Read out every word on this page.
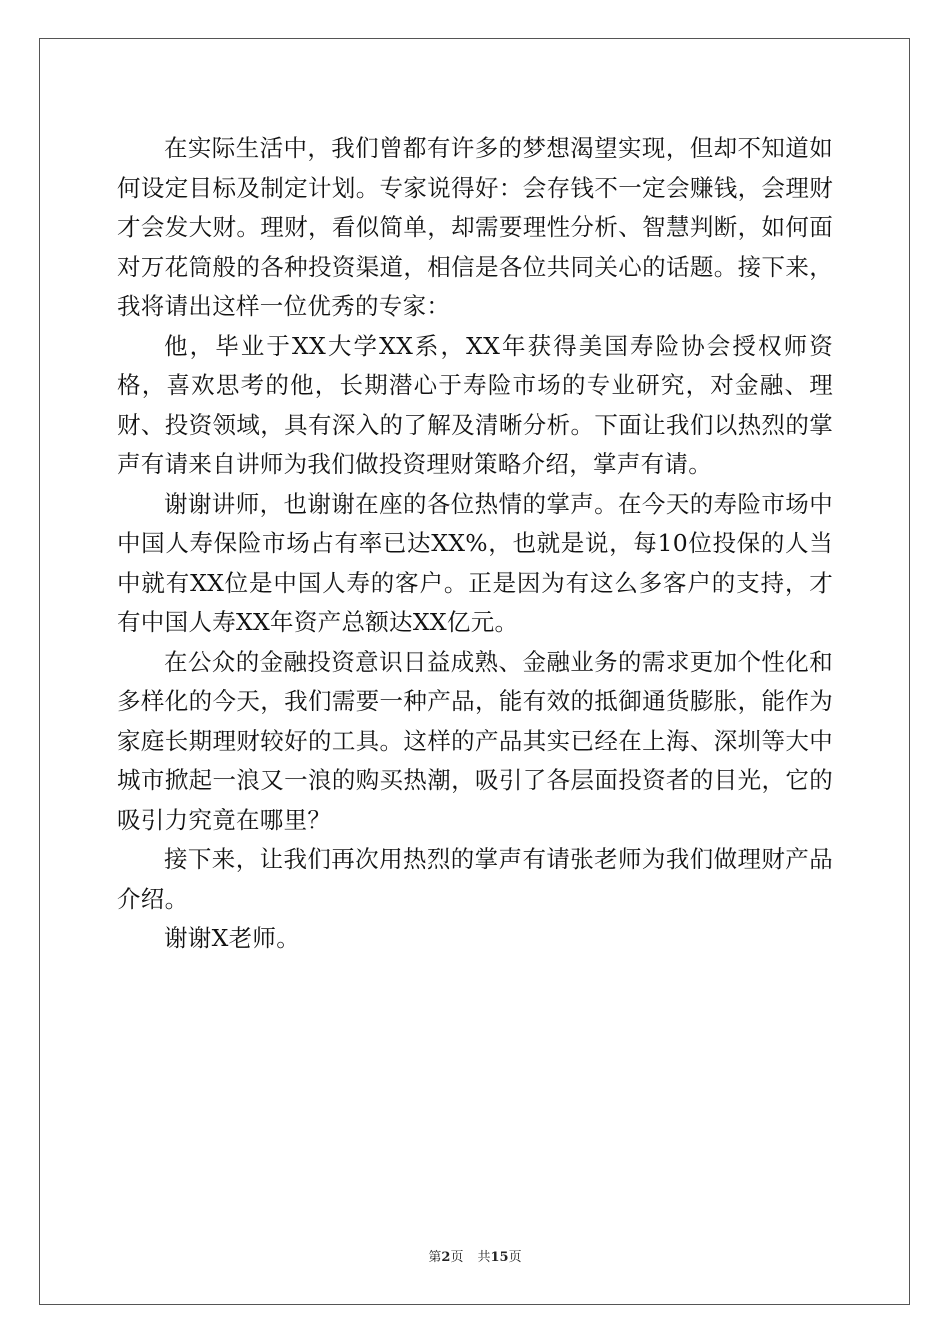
在实际生活中，我们曾都有许多的梦想渴望实现，但却不知道如何设定目标及制定计划。专家说得好：会存钱不一定会赚钱，会理财才会发大财。理财，看似简单，却需要理性分析、智慧判断，如何面对万花筒般的各种投资渠道，相信是各位共同关心的话题。接下来，我将请出这样一位优秀的专家：

他，毕业于XX大学XX系，XX年获得美国寿险协会授权师资格，喜欢思考的他，长期潜心于寿险市场的专业研究，对金融、理财、投资领域，具有深入的了解及清晰分析。下面让我们以热烈的掌声有请来自讲师为我们做投资理财策略介绍，掌声有请。

谢谢讲师，也谢谢在座的各位热情的掌声。在今天的寿险市场中中国人寿保险市场占有率已达XX%，也就是说，每10位投保的人当中就有XX位是中国人寿的客户。正是因为有这么多客户的支持，才有中国人寿XX年资产总额达XX亿元。

在公众的金融投资意识日益成熟、金融业务的需求更加个性化和多样化的今天，我们需要一种产品，能有效的抵御通货膨胀，能作为家庭长期理财较好的工具。这样的产品其实已经在上海、深圳等大中城市掀起一浪又一浪的购买热潮，吸引了各层面投资者的目光，它的吸引力究竟在哪里？

接下来，让我们再次用热烈的掌声有请张老师为我们做理财产品介绍。

谢谢X老师。

第2页 共15页
